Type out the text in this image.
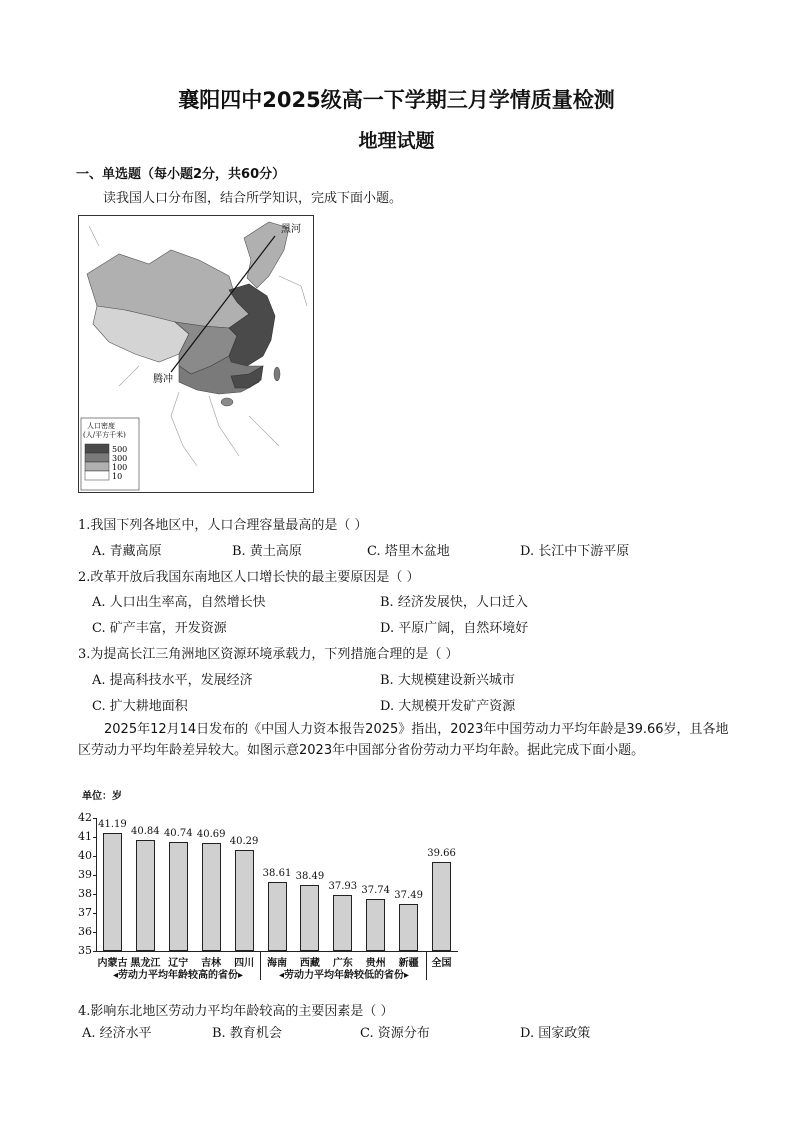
襄阳四中2025级高一下学期三月学情质量检测
地理试题
一、单选题（每小题2分，共60分）
读我国人口分布图，结合所学知识，完成下面小题。
黑河
腾冲
人口密度
(人/平方千米)
500
300
100
10
1.我国下列各地区中，人口合理容量最高的是（ ）
A. 青藏高原	B. 黄土高原	C. 塔里木盆地	D. 长江中下游平原
2.改革开放后我国东南地区人口增长快的最主要原因是（ ）
A. 人口出生率高，自然增长快	B. 经济发展快，人口迁入
C. 矿产丰富，开发资源	D. 平原广阔，自然环境好
3.为提高长江三角洲地区资源环境承载力，下列措施合理的是（ ）
A. 提高科技水平，发展经济	B. 大规模建设新兴城市
C. 扩大耕地面积	D. 大规模开发矿产资源
2025年12月14日发布的《中国人力资本报告2025》指出，2023年中国劳动力平均年龄是39.66岁，且各地区劳动力平均年龄差异较大。如图示意2023年中国部分省份劳动力平均年龄。据此完成下面小题。
单位：岁
◂劳动力平均年龄较高的省份▸	◂劳动力平均年龄较低的省份▸
35
36
37
38
39
40
41
42
41.19
内蒙古
40.84
黑龙江
40.74
辽宁
40.69
吉林
40.29
四川
38.61
海南
38.49
西藏
37.93
广东
37.74
贵州
37.49
新疆
39.66
全国
4.影响东北地区劳动力平均年龄较高的主要因素是（ ）
A. 经济水平	B. 教育机会	C. 资源分布	D. 国家政策
